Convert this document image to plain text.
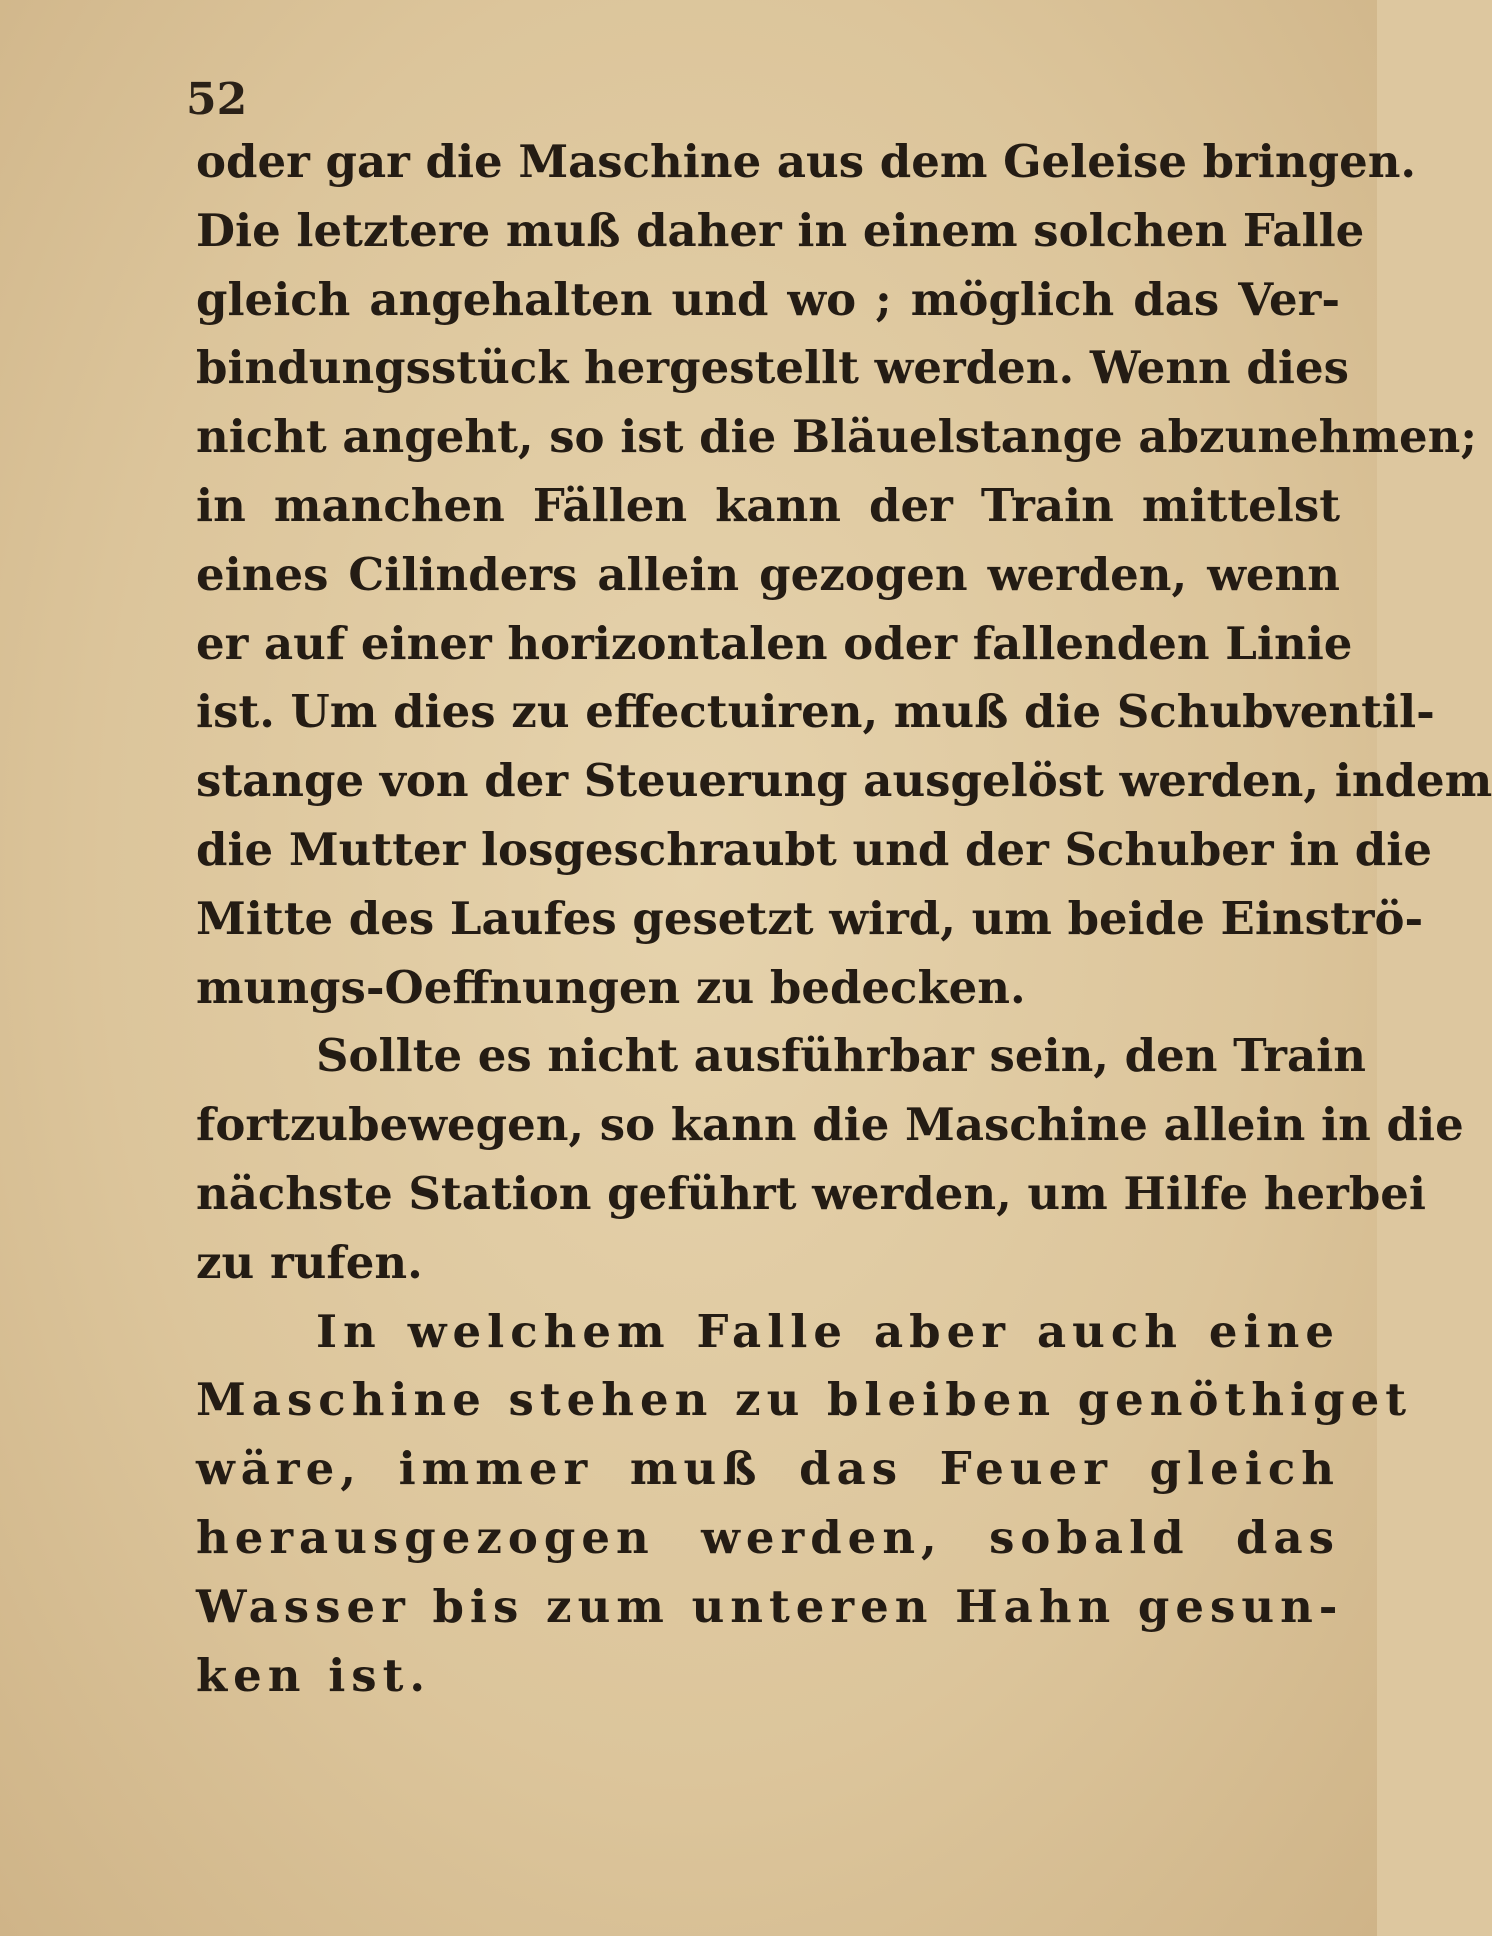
52
oder gar die Maschine aus dem Geleise bringen.
Die letztere muß daher in einem solchen Falle
gleich angehalten und wo ; möglich das Ver-
bindungsstück hergestellt werden. Wenn dies
nicht angeht, so ist die Bläuelstange abzunehmen;
in manchen Fällen kann der Train mittelst
eines Cilinders allein gezogen werden, wenn
er auf einer horizontalen oder fallenden Linie
ist. Um dies zu effectuiren, muß die Schubventil-
stange von der Steuerung ausgelöst werden, indem
die Mutter losgeschraubt und der Schuber in die
Mitte des Laufes gesetzt wird, um beide Einströ-
mungs-Oeffnungen zu bedecken.
Sollte es nicht ausführbar sein, den Train
fortzubewegen, so kann die Maschine allein in die
nächste Station geführt werden, um Hilfe herbei
zu rufen.
In welchem Falle aber auch eine
Maschine stehen zu bleiben genöthiget
wäre, immer muß das Feuer gleich
herausgezogen werden, sobald das
Wasser bis zum unteren Hahn gesun-
ken ist.
